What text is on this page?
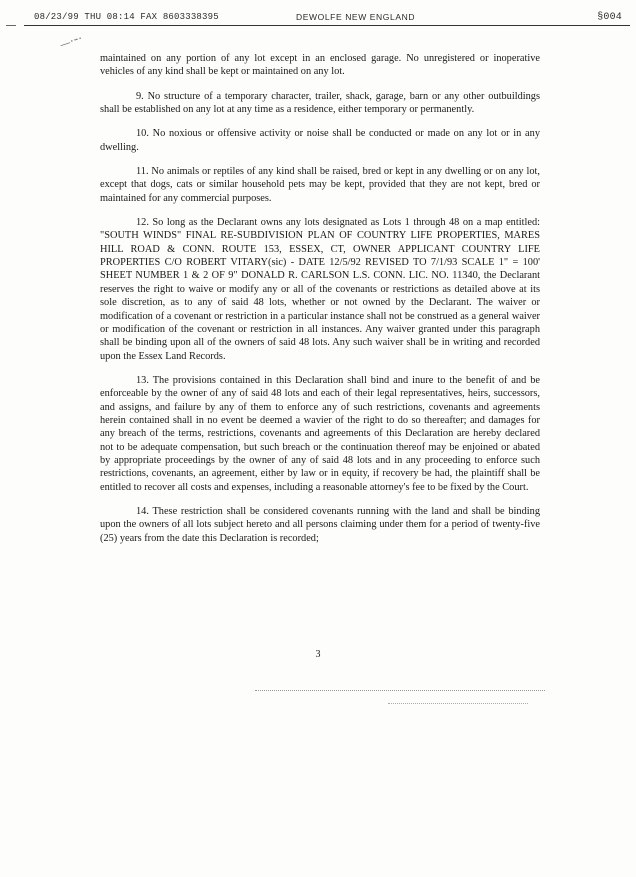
08/23/99 THU 08:14 FAX 8603338395	DEWOLFE NEW ENGLAND	§004
— · ·· ·

maintained on any portion of any lot except in an enclosed garage. No unregistered or inoperative vehicles of any kind shall be kept or maintained on any lot.

9. No structure of a temporary character, trailer, shack, garage, barn or any other outbuildings shall be established on any lot at any time as a residence, either temporary or permanently.

10. No noxious or offensive activity or noise shall be conducted or made on any lot or in any dwelling.

11. No animals or reptiles of any kind shall be raised, bred or kept in any dwelling or on any lot, except that dogs, cats or similar household pets may be kept, provided that they are not kept, bred or maintained for any commercial purposes.

12. So long as the Declarant owns any lots designated as Lots 1 through 48 on a map entitled: "SOUTH WINDS" FINAL RE-SUBDIVISION PLAN OF COUNTRY LIFE PROPERTIES, MARES HILL ROAD & CONN. ROUTE 153, ESSEX, CT, OWNER APPLICANT COUNTRY LIFE PROPERTIES C/O ROBERT VITARY(sic) - DATE 12/5/92 REVISED TO 7/1/93 SCALE 1" = 100' SHEET NUMBER 1 & 2 OF 9" DONALD R. CARLSON L.S. CONN. LIC. NO. 11340, the Declarant reserves the right to waive or modify any or all of the covenants or restrictions as detailed above at its sole discretion, as to any of said 48 lots, whether or not owned by the Declarant. The waiver or modification of a covenant or restriction in a particular instance shall not be construed as a general waiver or modification of the covenant or restriction in all instances. Any waiver granted under this paragraph shall be binding upon all of the owners of said 48 lots. Any such waiver shall be in writing and recorded upon the Essex Land Records.

13. The provisions contained in this Declaration shall bind and inure to the benefit of and be enforceable by the owner of any of said 48 lots and each of their legal representatives, heirs, successors, and assigns, and failure by any of them to enforce any of such restrictions, covenants and agreements herein contained shall in no event be deemed a wavier of the right to do so thereafter; and damages for any breach of the terms, restrictions, covenants and agreements of this Declaration are hereby declared not to be adequate compensation, but such breach or the continuation thereof may be enjoined or abated by appropriate proceedings by the owner of any of said 48 lots and in any proceeding to enforce such restrictions, covenants, an agreement, either by law or in equity, if recovery be had, the plaintiff shall be entitled to recover all costs and expenses, including a reasonable attorney's fee to be fixed by the Court.

14. These restriction shall be considered covenants running with the land and shall be binding upon the owners of all lots subject hereto and all persons claiming under them for a period of twenty-five (25) years from the date this Declaration is recorded;

3
